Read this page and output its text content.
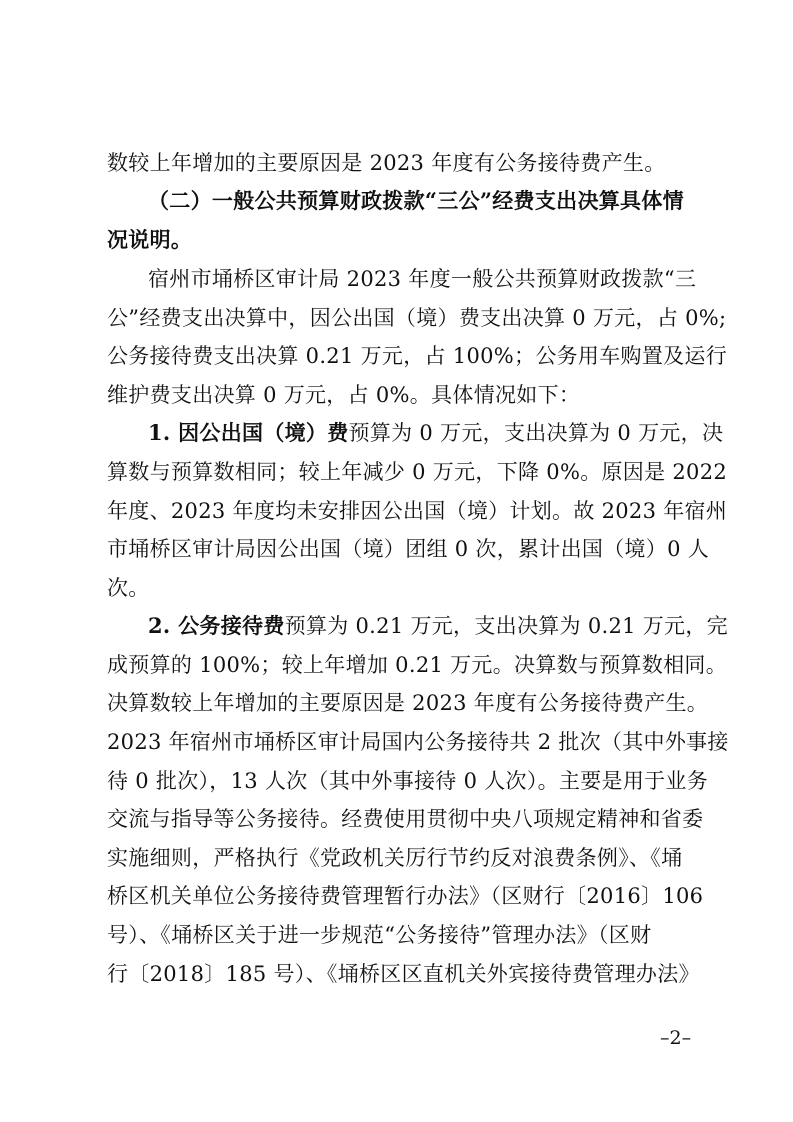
数较上年增加的主要原因是 2023 年度有公务接待费产生。
（二）一般公共预算财政拨款“三公”经费支出决算具体情
况说明。
宿州市埇桥区审计局 2023 年度一般公共预算财政拨款“三
公”经费支出决算中，因公出国（境）费支出决算 0 万元，占 0%;
公务接待费支出决算 0.21 万元，占 100%；公务用车购置及运行
维护费支出决算 0 万元，占 0%。具体情况如下：
1. 因公出国（境）费预算为 0 万元，支出决算为 0 万元，决
算数与预算数相同；较上年减少 0 万元，下降 0%。原因是 2022
年度、2023 年度均未安排因公出国（境）计划。故 2023 年宿州
市埇桥区审计局因公出国（境）团组 0 次，累计出国（境）0 人
次。
2. 公务接待费预算为 0.21 万元，支出决算为 0.21 万元，完
成预算的 100%；较上年增加 0.21 万元。决算数与预算数相同。
决算数较上年增加的主要原因是 2023 年度有公务接待费产生。
2023 年宿州市埇桥区审计局国内公务接待共 2 批次（其中外事接
待 0 批次），13 人次（其中外事接待 0 人次）。主要是用于业务
交流与指导等公务接待。经费使用贯彻中央八项规定精神和省委
实施细则，严格执行《党政机关厉行节约反对浪费条例》、《埇
桥区机关单位公务接待费管理暂行办法》（区财行〔2016〕106
号）、《埇桥区关于进一步规范“公务接待”管理办法》（区财
行〔2018〕185 号）、《埇桥区区直机关外宾接待费管理办法》
–2–
